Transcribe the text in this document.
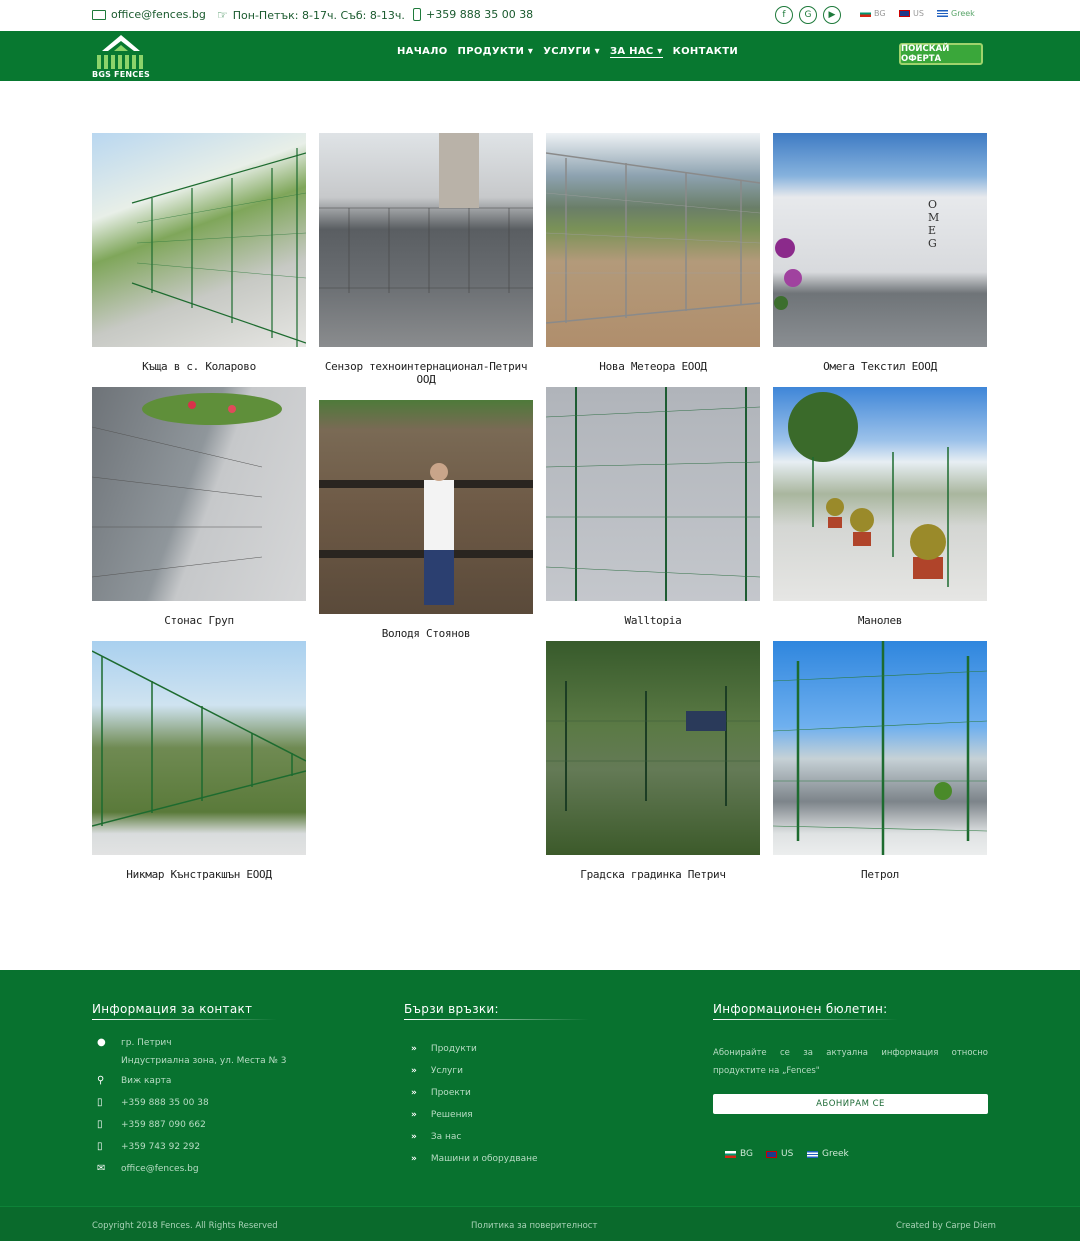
office@fences.bg ☞ Пон-Петък: 8-17ч. Съб: 8-13ч. +359 888 35 00 38	f	G	▶	BG	US	Greek
BGS FENCES
НАЧАЛО ПРОДУКТИ ▾ УСЛУГИ ▾ ЗА НАС ▾ КОНТАКТИ	ПОИСКАЙ ОФЕРТА
Къща в с. Коларово	Сензор техноинтернационал-Петрич ООД
Нова Метеора ЕООД
O
M
E
G
Омега Текстил ЕООД
Стонас Груп
Володя Стоянов
Walltopia	Манолев
Никмар Кънстракшън ЕООД	Градска градинка Петрич	Петрол
Информация за контакт
● гр. Петрич
Индустриална зона, ул. Места № 3
⚲ Виж карта
▯	+359 888 35 00 38
▯	+359 887 090 662
▯	+359 743 92 292
✉ office@fences.bg
Бързи връзки:
» Продукти
» Услуги
» Проекти
» Решения
» За нас
» Машини и оборудване
Информационен бюлетин:
Абонирайте се за актуална информация относно продуктите на „Fences"
АБОНИРАМ СЕ
BG	US	Greek
Copyright 2018 Fences. All Rights Reserved	Политика за поверителност	Created by Carpe Diem
